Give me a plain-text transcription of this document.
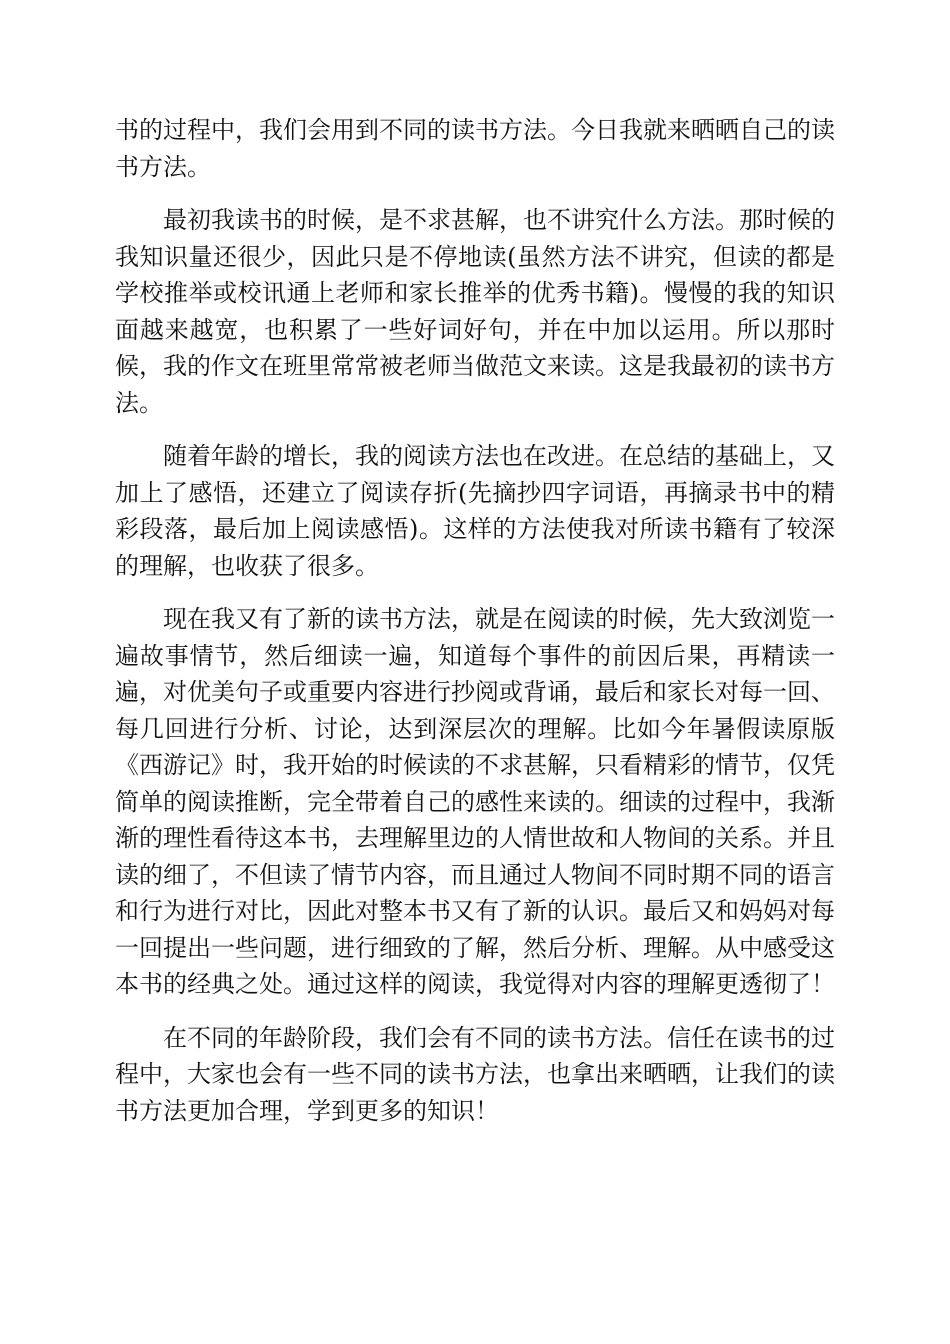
书的过程中，我们会用到不同的读书方法。今日我就来晒晒自己的读书方法。

最初我读书的时候，是不求甚解，也不讲究什么方法。那时候的我知识量还很少，因此只是不停地读(虽然方法不讲究，但读的都是学校推举或校讯通上老师和家长推举的优秀书籍)。慢慢的我的知识面越来越宽，也积累了一些好词好句，并在中加以运用。所以那时候，我的作文在班里常常被老师当做范文来读。这是我最初的读书方法。

随着年龄的增长，我的阅读方法也在改进。在总结的基础上，又加上了感悟，还建立了阅读存折(先摘抄四字词语，再摘录书中的精彩段落，最后加上阅读感悟)。这样的方法使我对所读书籍有了较深的理解，也收获了很多。

现在我又有了新的读书方法，就是在阅读的时候，先大致浏览一遍故事情节，然后细读一遍，知道每个事件的前因后果，再精读一遍，对优美句子或重要内容进行抄阅或背诵，最后和家长对每一回、每几回进行分析、讨论，达到深层次的理解。比如今年暑假读原版《西游记》时，我开始的时候读的不求甚解，只看精彩的情节，仅凭简单的阅读推断，完全带着自己的感性来读的。细读的过程中，我渐渐的理性看待这本书，去理解里边的人情世故和人物间的关系。并且读的细了，不但读了情节内容，而且通过人物间不同时期不同的语言和行为进行对比，因此对整本书又有了新的认识。最后又和妈妈对每一回提出一些问题，进行细致的了解，然后分析、理解。从中感受这本书的经典之处。通过这样的阅读，我觉得对内容的理解更透彻了！

在不同的年龄阶段，我们会有不同的读书方法。信任在读书的过程中，大家也会有一些不同的读书方法，也拿出来晒晒，让我们的读书方法更加合理，学到更多的知识！
